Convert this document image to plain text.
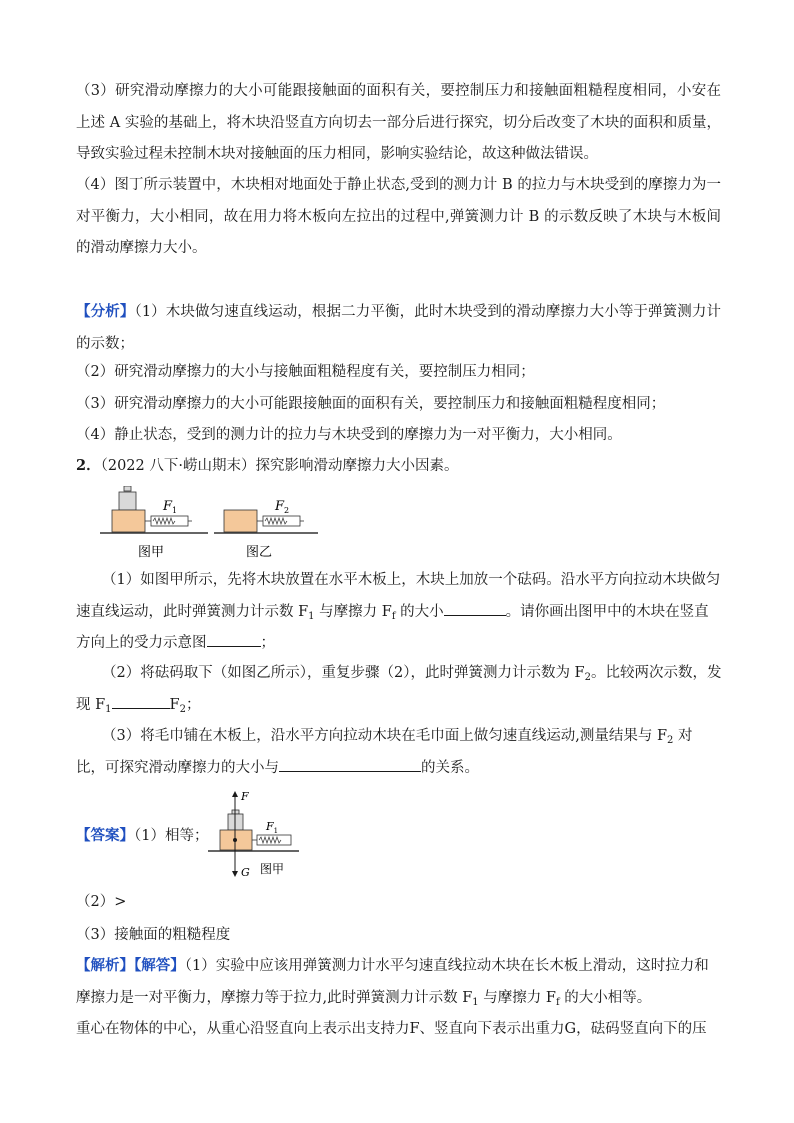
（3）研究滑动摩擦力的大小可能跟接触面的面积有关，要控制压力和接触面粗糙程度相同，小安在上述 A 实验的基础上，将木块沿竖直方向切去一部分后进行探究，切分后改变了木块的面积和质量，导致实验过程未控制木块对接触面的压力相同，影响实验结论，故这种做法错误。
（4）图丁所示装置中，木块相对地面处于静止状态,受到的测力计 B 的拉力与木块受到的摩擦力为一对平衡力，大小相同，故在用力将木板向左拉出的过程中,弹簧测力计 B 的示数反映了木块与木板间的滑动摩擦力大小。
【分析】（1）木块做匀速直线运动，根据二力平衡，此时木块受到的滑动摩擦力大小等于弹簧测力计的示数；
（2）研究滑动摩擦力的大小与接触面粗糙程度有关，要控制压力相同；
（3）研究滑动摩擦力的大小可能跟接触面的面积有关，要控制压力和接触面粗糙程度相同；
（4）静止状态，受到的测力计的拉力与木块受到的摩擦力为一对平衡力，大小相同。
2．（2022 八下·崂山期末）探究影响滑动摩擦力大小因素。
$F_1$
图甲
$F_2$
图乙
（1）如图甲所示，先将木块放置在水平木板上，木块上加放一个砝码。沿水平方向拉动木块做匀
速直线运动，此时弹簧测力计示数 $F_1$ 与摩擦力 $F_f$ 的大小	。请你画出图甲中的木块在竖直
方向上的受力示意图	；
（2）将砝码取下（如图乙所示），重复步骤（2），此时弹簧测力计示数为 $F_2$。比较两次示数，发
现 $F_1$	$F_2$；
（3）将毛巾铺在木板上，沿水平方向拉动木块在毛巾面上做匀速直线运动,测量结果与 $F_2$ 对
比，可探究滑动摩擦力的大小与	的关系。
【答案】（1）相等；
$F_1$
F
G 图甲
（2）>
（3）接触面的粗糙程度
【解析】【解答】（1）实验中应该用弹簧测力计水平匀速直线拉动木块在长木板上滑动，这时拉力和
摩擦力是一对平衡力，摩擦力等于拉力,此时弹簧测力计示数 $F_1$ 与摩擦力 $F_f$ 的大小相等。
重心在物体的中心，从重心沿竖直向上表示出支持力F、竖直向下表示出重力G，砝码竖直向下的压
